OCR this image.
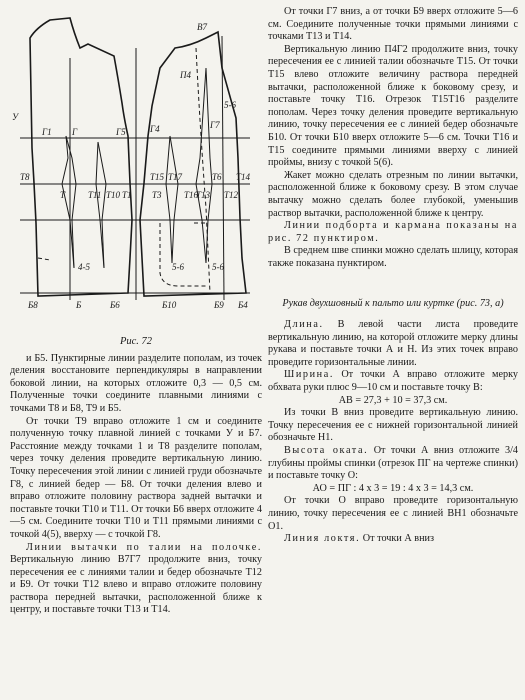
У
В7
Г
Г1	Г5	Г4	Г7
П4
Т8
Т	Т11 Т10 Т1
Т15 Т17
Т16
Т3
Т6
Т12
Т13
Т14
Б8	Б	Б6	Б10	Б9 Б4
4-5	5-6	5-6
5-6
Рис. 72

и Б5. Пунктирные линии разделите пополам, из точек деления восстановите перпендикуляры в направлении боковой линии, на которых отложите 0,3 — 0,5 см. Полученные точки соедините плавными линиями с точками Т8 и Б8, Т9 и Б5.

От точки Т9 вправо отложите 1 см и соедините полученную точку плавной линией с точками У и Б7. Расстояние между точками 1 и Т8 разделите пополам, через точку деления проведите вертикальную линию. Точку пересечения этой линии с линией груди обозначьте Г8, с линией бедер — Б8. От точки деления влево и вправо отложите половину раствора задней вытачки и поставьте точки Т10 и Т11. От точки Б6 вверх отложите 4—5 см. Соедините точки Т10 и Т11 прямыми линиями с точкой 4(5), вверху — с точкой Г8.

Линии вытачки по талии на полочке. Вертикальную линию В7Г7 продолжите вниз, точку пересечения ее с линиями талии и бедер обозначьте Т12 и Б9. От точки Т12 влево и вправо отложите половину раствора передней вытачки, расположенной ближе к центру, и поставьте точки Т13 и Т14.

От точки Г7 вниз, а от точки Б9 вверх отложите 5—6 см. Соедините полученные точки прямыми линиями с точками Т13 и Т14.

Вертикальную линию П4Г2 продолжите вниз, точку пересечения ее с линией талии обозначьте Т15. От точки Т15 влево отложите величину раствора передней вытачки, расположенной ближе к боковому срезу, и поставьте точку Т16. Отрезок Т15Т16 разделите пополам. Через точку деления проведите вертикальную линию, точку пересечения ее с линией бедер обозначьте Б10. От точки Б10 вверх отложите 5—6 см. Точки Т16 и Т15 соедините прямыми линиями вверху с линией проймы, внизу с точкой 5(6).

Жакет можно сделать отрезным по линии вытачки, расположенной ближе к боковому срезу. В этом случае вытачку можно сделать более глубокой, уменьшив раствор вытачки, расположенной ближе к центру.

Линии подборта и кармана показаны на рис. 72 пунктиром.

В среднем шве спинки можно сделать шлицу, которая также показана пунктиром.

Рукав двухшовный к пальто или куртке (рис. 73, а)

Длина. В левой части листа проведите вертикальную линию, на которой отложите мерку длины рукава и поставьте точки А и Н. Из этих точек вправо проведите горизонтальные линии.

Ширина. От точки А вправо отложите мерку обхвата руки плюс 9—10 см и поставьте точку В:

АВ = 27,3 + 10 = 37,3 см.

Из точки В вниз проведите вертикальную линию. Точку пересечения ее с нижней горизонтальной линией обозначьте Н1.

Высота оката. От точки А вниз отложите 3/4 глубины проймы спинки (отрезок ПГ на чертеже спинки) и поставьте точку О:

АО = ПГ : 4 х 3 = 19 : 4 х 3 = 14,3 см.

От точки О вправо проведите горизонтальную линию, точку пересечения ее с линией ВН1 обозначьте О1.

Линия локтя. От точки А вниз
